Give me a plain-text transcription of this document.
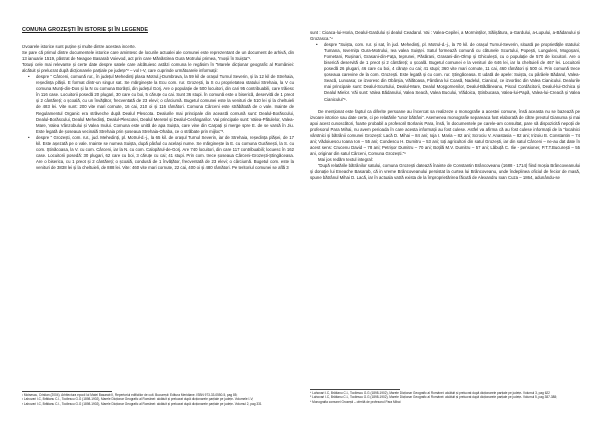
COMUNA GROZEȘTI ÎN ISTORIE ȘI ÎN LEGENDE

Izvoarele istorice sunt puține și multe dintre acestea incerte.

Se pare că primul dintre documentele istorice care amintesc de locurile actualei ale comunei este reprezentant de un document de arhivă, din 13 ianuarie 1519, păstrat de Neagoe Basarab Voievod, act prin care Mănăstirea Gura Motrului primea, “moșii în Suișta”¹.

Totuși cele mai relevante și certe date despre satele care alcătuiesc astăzi comuna le regăsim în “Marele dicționar geografic al României: alcătuit și prelucrat după dicționarele parțiale pe județe”² – vol I-V, care cuprinde următoarele informații:

• despre “ Cârceni, comună rur., în județul Mehedinți plasa Motrul.j-Dumbrava, la 59 kil de orașul Turnul Severin, și la 12 kil de Strehaia, reședința plășii. E format dintr-un singur sat. Se mărginește la Ecu com. rur. Grozești, la S cu proprietatea statului Strehaia, la V cu comuna Munți-din-Dos și la N cu comuna Borăști, din județul Gorj. Are o populație de 500 locuitori, din cari 95 contribuabili, care trăiesc în 116 case. Locuitorii posedă 20 plugari, 30 care cu boi, 5 căruțe cu cai. Sunt 36 stupi. În comună este o biserică, deservită de 1 preot și 2 cântăreți; o școală, cu un învățător, frecventată de 23 elevi; o cârciumă. Bugetul comunei este la venituri de 510 lei și la cheltuieli de 483 lei. Vite sunt: 200 vite mari cornute, 16 cai, 210 oi și 116 râmători. Comuna Cârceni este străbătută de o vale. Inainte de Regulamentul Organic era străveche după Dealul Plescota. Dealurile mai principale din această comună sunt: Dealul-Borăscului, Dealul-Borăscului, Dealul Mehedinți, Dealul-Plescotei, Dealul Meretel și Dealul-Cerângarilor. Vai principale sunt: Valea-Pătulelor, Valea-Mare, Valea Vânzobului și Valea Inului. Comuna este unită de apa Suișta, care vine din Carpați și merge spre E. de se varsă în Jiu. Este legată de șoseaua vecinală Strehaia prin șoseaua Strehaia-Ohaba, ce o străbate prin mijloc”³.

• despre “ Grozești, com. rur., jud. Mehedinți, pl. Motrul-d.-j., la 65 kil. de orașul Turnul Severin, iar de Strehaia, reședința plășei, de 17 kil. Este așezată pe o vale. Inainte se numea Suișta, după pârâul cu același nume. Se mărginește la E. cu comuna Gurănești, la S. cu com. Știnăcoasa, la V. cu com. Cârceni, iar la N. cu com. Calopărul-de-Gorj. Are 740 locuitori, din care 117 contribuabili; locuesc în 162 case. Locuitorii posedă: 30 plugari, 62 care cu boi, 3 căruțe cu cai; 41 stupi. Prin com. trece șoseaua Cârceni-Grozești-Știngăceasa. Are o biserica, cu 1 preot și 2 cântăreți; o școală, condusă de 1 învățător, frecventată de 23 elevi; o cârciumă. Bugetul com. este la venituri de 3838 lei și la cheltuieli, de 888 lei. Vite: 460 vite mari cornute, 22 cai, 400 oi și 480 râmători. Pe teritoriul comunei se află 3

¹ Moisescu, Cristian (2004). Arhitectura epocii lui Matei Basarab II, Repertoriul edificiilor de cult. București: Editura Meridiane. ISBN 973-33-0550-5, pag 85;

² Lahovari I.C, Brătianu C.I., Tocilescu G.G (1898-1902), Marele Dicționar Geografic al Românei: alcătuit și prelucrat după dicționarele parțiale pe județe- Volumele I-V;

³ Lahovari I.C, Brătianu C.I., Tocilescu G.G (1898-1902), Marele Dicționar Geografic al Românei: alcătuit și prelucrat după dicționarele parțiale pe județe- Volumul 2, pag 331

sunt : Cioaca-lui-Horia, Dealul-Gardului și dealul Ceadarul. Vai : Valea-Cepilei, a Morminților, Sălișătura, a-Gardului, a-Lupului, a-Bădanului și Grozasca.”⁴

• despre “Suișta, com. rur. și sat, în jud. Mehedinți, pl. Motrul-d.-j., la 70 kil. de orașul Turnul-Severin, situată pe proprietățile statului: Tumana, Isvernița Gura-Motrului, Iea valea Suișței. Satul formează comună cu cătunele Scurtului, Popești, Lunguleni, Mogoșani, Fometani, Rușinari, Grasani-din-Fața, teprunei, Păsărani, Grasani-din-Olmp și Ghiculești, cu o populație de 570 de locuitori. Are o biserică deservită de 1 preot și 2 cântăreți; o școală. Bugetul comunei e la venituri de 646 lei, iar la cheltuieli de 467 lei. Locuitorii posedă 26 plugari, 46 care cu boi, 4 căruțe cu cai; 41 stupi; 360 vite mari cornute, 11 cai, 460 râmători și 500 oi. Prin comună trece șoseaua carevine de la com. Grozești. Este legată și cu com. rur. Știngăceasa. E udată de apele: Suișta, cu pârâele Bădarul, Valea-Seacă, Lunoasa; ce izvoresc din Obârșia, Vălătoasa, Fântâna lui Coasă, Nadelul, Cianicul, ce izvorăsc din Valea Cianicului. Dealurile mai principale sunt: Dealul-Scurtului, Dealul-Mare, Dealul Moșgornenilor, Dealul-Bădăneanu, Piscul Cordăcitorii, Dealul-lui-Ochica și Dealul Mielor. Văi sunt: Valea Bădanului, Valea Seacă, Valea Bucului, Vlădoica, Știnbucasa, Valea-lui-Papă, Valea-lui-Creacă și Valea Cianicului”⁵.

De menționat este faptul ca diferite persoane au încercat sa realizeze o monografie a acestei comune, însă aceasta nu se bazează pe izvoare istorice sau date certe, ci pe relatările “unor bătrâni”. Asemenea monografie separeaca fost elaborată de către preotul Gianuma și mai apoi acest cunoscători, foarte probabil a profesoril Borlanis Para, însă, în documentele pe carele-am consultat, pare să dispozicită nepoții de profesorul Para Mihai, nu avem perioada în care acesta informații au fost culese. Astfel va afirma că au fost culese informații de la “localnici vârstnici și bătrânii comunei Grozești: Lacă D. Mihai – 84 ani; Ioja I. Maria – 82 ani; Scrociu V. Anastasia – 82 ani; Irizoiu B. Constantin – 74 ani; Vădoiuescu Ioana Ion – 55 ani; Condescu H. Dumitru – 53 ani; toți agricultori din satul Grozești, iar din satul Cârceni – ne-au dat date în acest sens: Crucenu David – 78 ani; Petrișor Dumitru – 70 ani; Boțilă M.V. Dumitru – 57 ani; Lăbuță C. Ilie - pensioner, P.T.T.București – 55 ani, originar din satul Cârceni, Comuna Grozești.”⁶

Mai jos redăm textul integral:

“După relatările bătrânilor satului, comuna Grozești datează înainte de Constantin Brâncoveanu (1688 - 1714) fiind moșia Brâncoveanului și donație lui Eneache Basarab, că in vreme Brâncoveanului persistat la curtea lui Brâncoveanu, unde îndeplinea oficiul de fecior de masă, spune bătrânul Mihai D. Lacă, iar în actuala vatră exista de la împroprietărirea făcută de Alexandru Ioan Cuza – 1864, adunându-se

⁴ Lahovari I.C, Brătianu C.I., Tocilescu G.G (1898-1902), Marele Dicționar Geografic al Românei: alcătuit și prelucrat după dicționarele parțiale pe județe- Volumul 3, pag 622

⁵ Lahovari I.C, Brătianu C.I., Tocilescu G.G (1898-1902), Marele Dicționar Geografic al Românei: alcătuit și prelucrat după dicționarele parțiale pe județe- Volumul 5, pag 387-388;

⁶ Monografia comunei Grozești – oferită de profesorul Para Mihai
